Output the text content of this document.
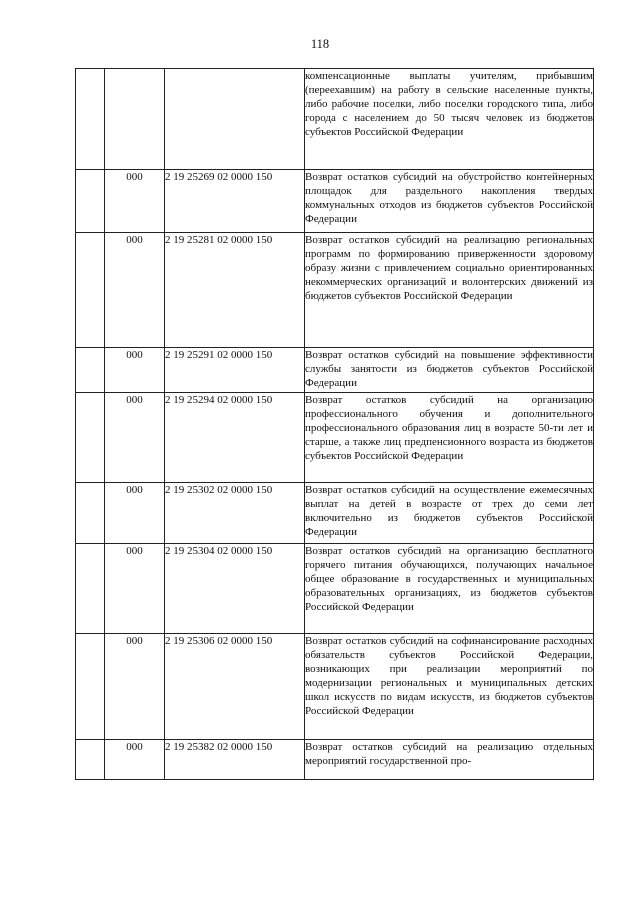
118

			компенсационные выплаты учителям, прибывшим (переехавшим) на работу в сельские населенные пункты, либо рабочие поселки, либо поселки городского типа, либо города с населением до 50 тысяч человек из бюджетов субъектов Российской Федерации

	000	2 19 25269 02 0000 150	Возврат остатков субсидий на обустройство контейнерных площадок для раздельного накопления твердых коммунальных отходов из бюджетов субъектов Российской Федерации

	000	2 19 25281 02 0000 150	Возврат остатков субсидий на реализацию региональных программ по формированию приверженности здоровому образу жизни с привлечением социально ориентированных некоммерческих организаций и волонтерских движений из бюджетов субъектов Российской Федерации

	000	2 19 25291 02 0000 150	Возврат остатков субсидий на повышение эффективности службы занятости из бюджетов субъектов Российской Федерации

	000	2 19 25294 02 0000 150	Возврат остатков субсидий на организацию профессионального обучения и дополнительного профессионального образования лиц в возрасте 50-ти лет и старше, а также лиц предпенсионного возраста из бюджетов субъектов Российской Федерации

	000	2 19 25302 02 0000 150	Возврат остатков субсидий на осуществление ежемесячных выплат на детей в возрасте от трех до семи лет включительно из бюджетов субъектов Российской Федерации

	000	2 19 25304 02 0000 150	Возврат остатков субсидий на организацию бесплатного горячего питания обучающихся, получающих начальное общее образование в государственных и муниципальных образовательных организациях, из бюджетов субъектов Российской Федерации

	000	2 19 25306 02 0000 150	Возврат остатков субсидий на софинансирование расходных обязательств субъектов Российской Федерации, возникающих при реализации мероприятий по модернизации региональных и муниципальных детских школ искусств по видам искусств, из бюджетов субъектов Российской Федерации

	000	2 19 25382 02 0000 150	Возврат остатков субсидий на реализацию отдельных мероприятий государственной про-
